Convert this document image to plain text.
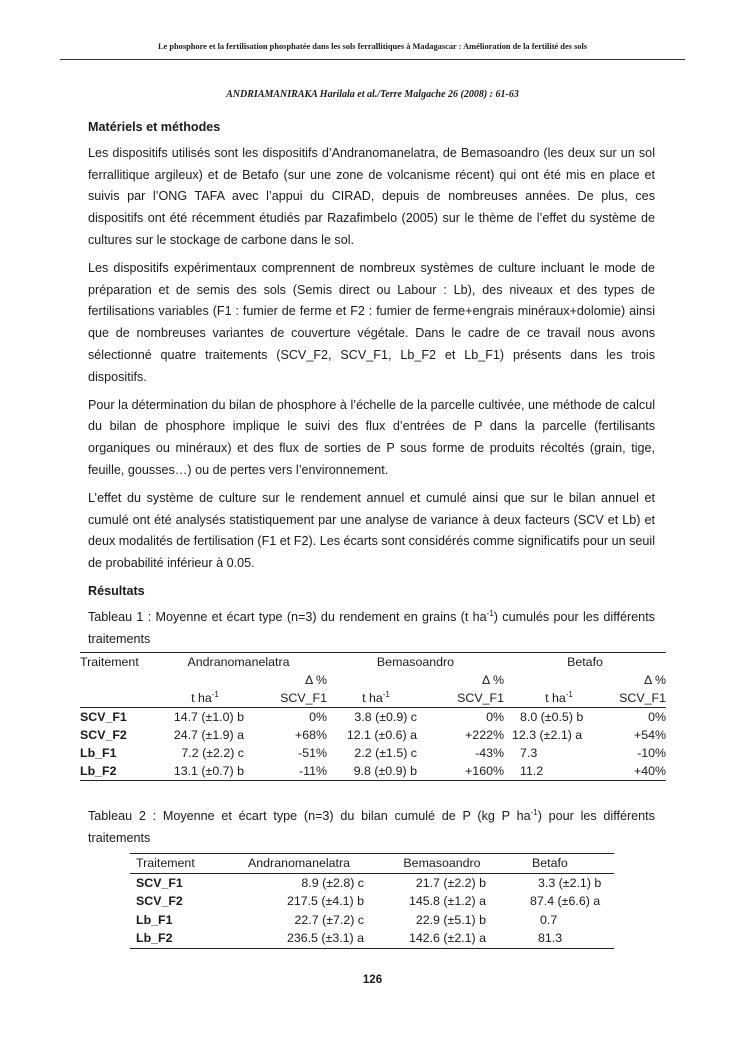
Le phosphore et la fertilisation phosphatée dans les sols ferrallitiques à Madagascar : Amélioration de la fertilité des sols
ANDRIAMANIRAKA Harilala et al./Terre Malgache 26 (2008) : 61-63
Matériels et méthodes
Les dispositifs utilisés sont les dispositifs d’Andranomanelatra, de Bemasoandro (les deux sur un sol ferrallitique argileux) et de Betafo (sur une zone de volcanisme récent) qui ont été mis en place et suivis par l’ONG TAFA avec l’appui du CIRAD, depuis de nombreuses années. De plus, ces dispositifs ont été récemment étudiés par Razafimbelo (2005) sur le thème de l’effet du système de cultures sur le stockage de carbone dans le sol.
Les dispositifs expérimentaux comprennent de nombreux systèmes de culture incluant le mode de préparation et de semis des sols (Semis direct ou Labour : Lb), des niveaux et des types de fertilisations variables (F1 : fumier de ferme et F2 : fumier de ferme+engrais minéraux+dolomie) ainsi que de nombreuses variantes de couverture végétale. Dans le cadre de ce travail nous avons sélectionné quatre traitements (SCV_F2, SCV_F1, Lb_F2 et Lb_F1) présents dans les trois dispositifs.
Pour la détermination du bilan de phosphore à l’échelle de la parcelle cultivée, une méthode de calcul du bilan de phosphore implique le suivi des flux d’entrées de P dans la parcelle (fertilisants organiques ou minéraux) et des flux de sorties de P sous forme de produits récoltés (grain, tige, feuille, gousses…) ou de pertes vers l’environnement.
L’effet du système de culture sur le rendement annuel et cumulé ainsi que sur le bilan annuel et cumulé ont été analysés statistiquement par une analyse de variance à deux facteurs (SCV et Lb) et deux modalités de fertilisation (F1 et F2). Les écarts sont considérés comme significatifs pour un seuil de probabilité inférieur à 0.05.
Résultats
Tableau 1 : Moyenne et écart type (n=3) du rendement en grains (t $ha^{-1}$) cumulés pour les différents traitements
Traitement	Andranomanelatra		Bemasoandro		Betafo	
		Δ %		Δ %		Δ %
	t $ha^{-1}$	SCV_F1	t $ha^{-1}$	SCV_F1	t $ha^{-1}$	SCV_F1
SCV_F1	14.7 (±1.0) b	0%	3.8 (±0.9) c	0%	8.0 (±0.5) b	0%
SCV_F2	24.7 (±1.9) a	+68%	12.1 (±0.6) a	+222%	12.3 (±2.1) a	+54%
Lb_F1	7.2 (±2.2) c	-51%	2.2 (±1.5) c	-43%	7.3	-10%
Lb_F2	13.1 (±0.7) b	-11%	9.8 (±0.9) b	+160%	11.2	+40%
Tableau 2 : Moyenne et écart type (n=3) du bilan cumulé de P (kg P $ha^{-1}$) pour les différents traitements
Traitement	Andranomanelatra	Bemasoandro	Betafo
SCV_F1	8.9 (±2.8) c	21.7 (±2.2) b	3.3 (±2.1) b
SCV_F2	217.5 (±4.1) b	145.8 (±1.2) a	87.4 (±6.6) a
Lb_F1	22.7 (±7.2) c	22.9 (±5.1) b	0.7
Lb_F2	236.5 (±3.1) a	142.6 (±2.1) a	81.3
126
